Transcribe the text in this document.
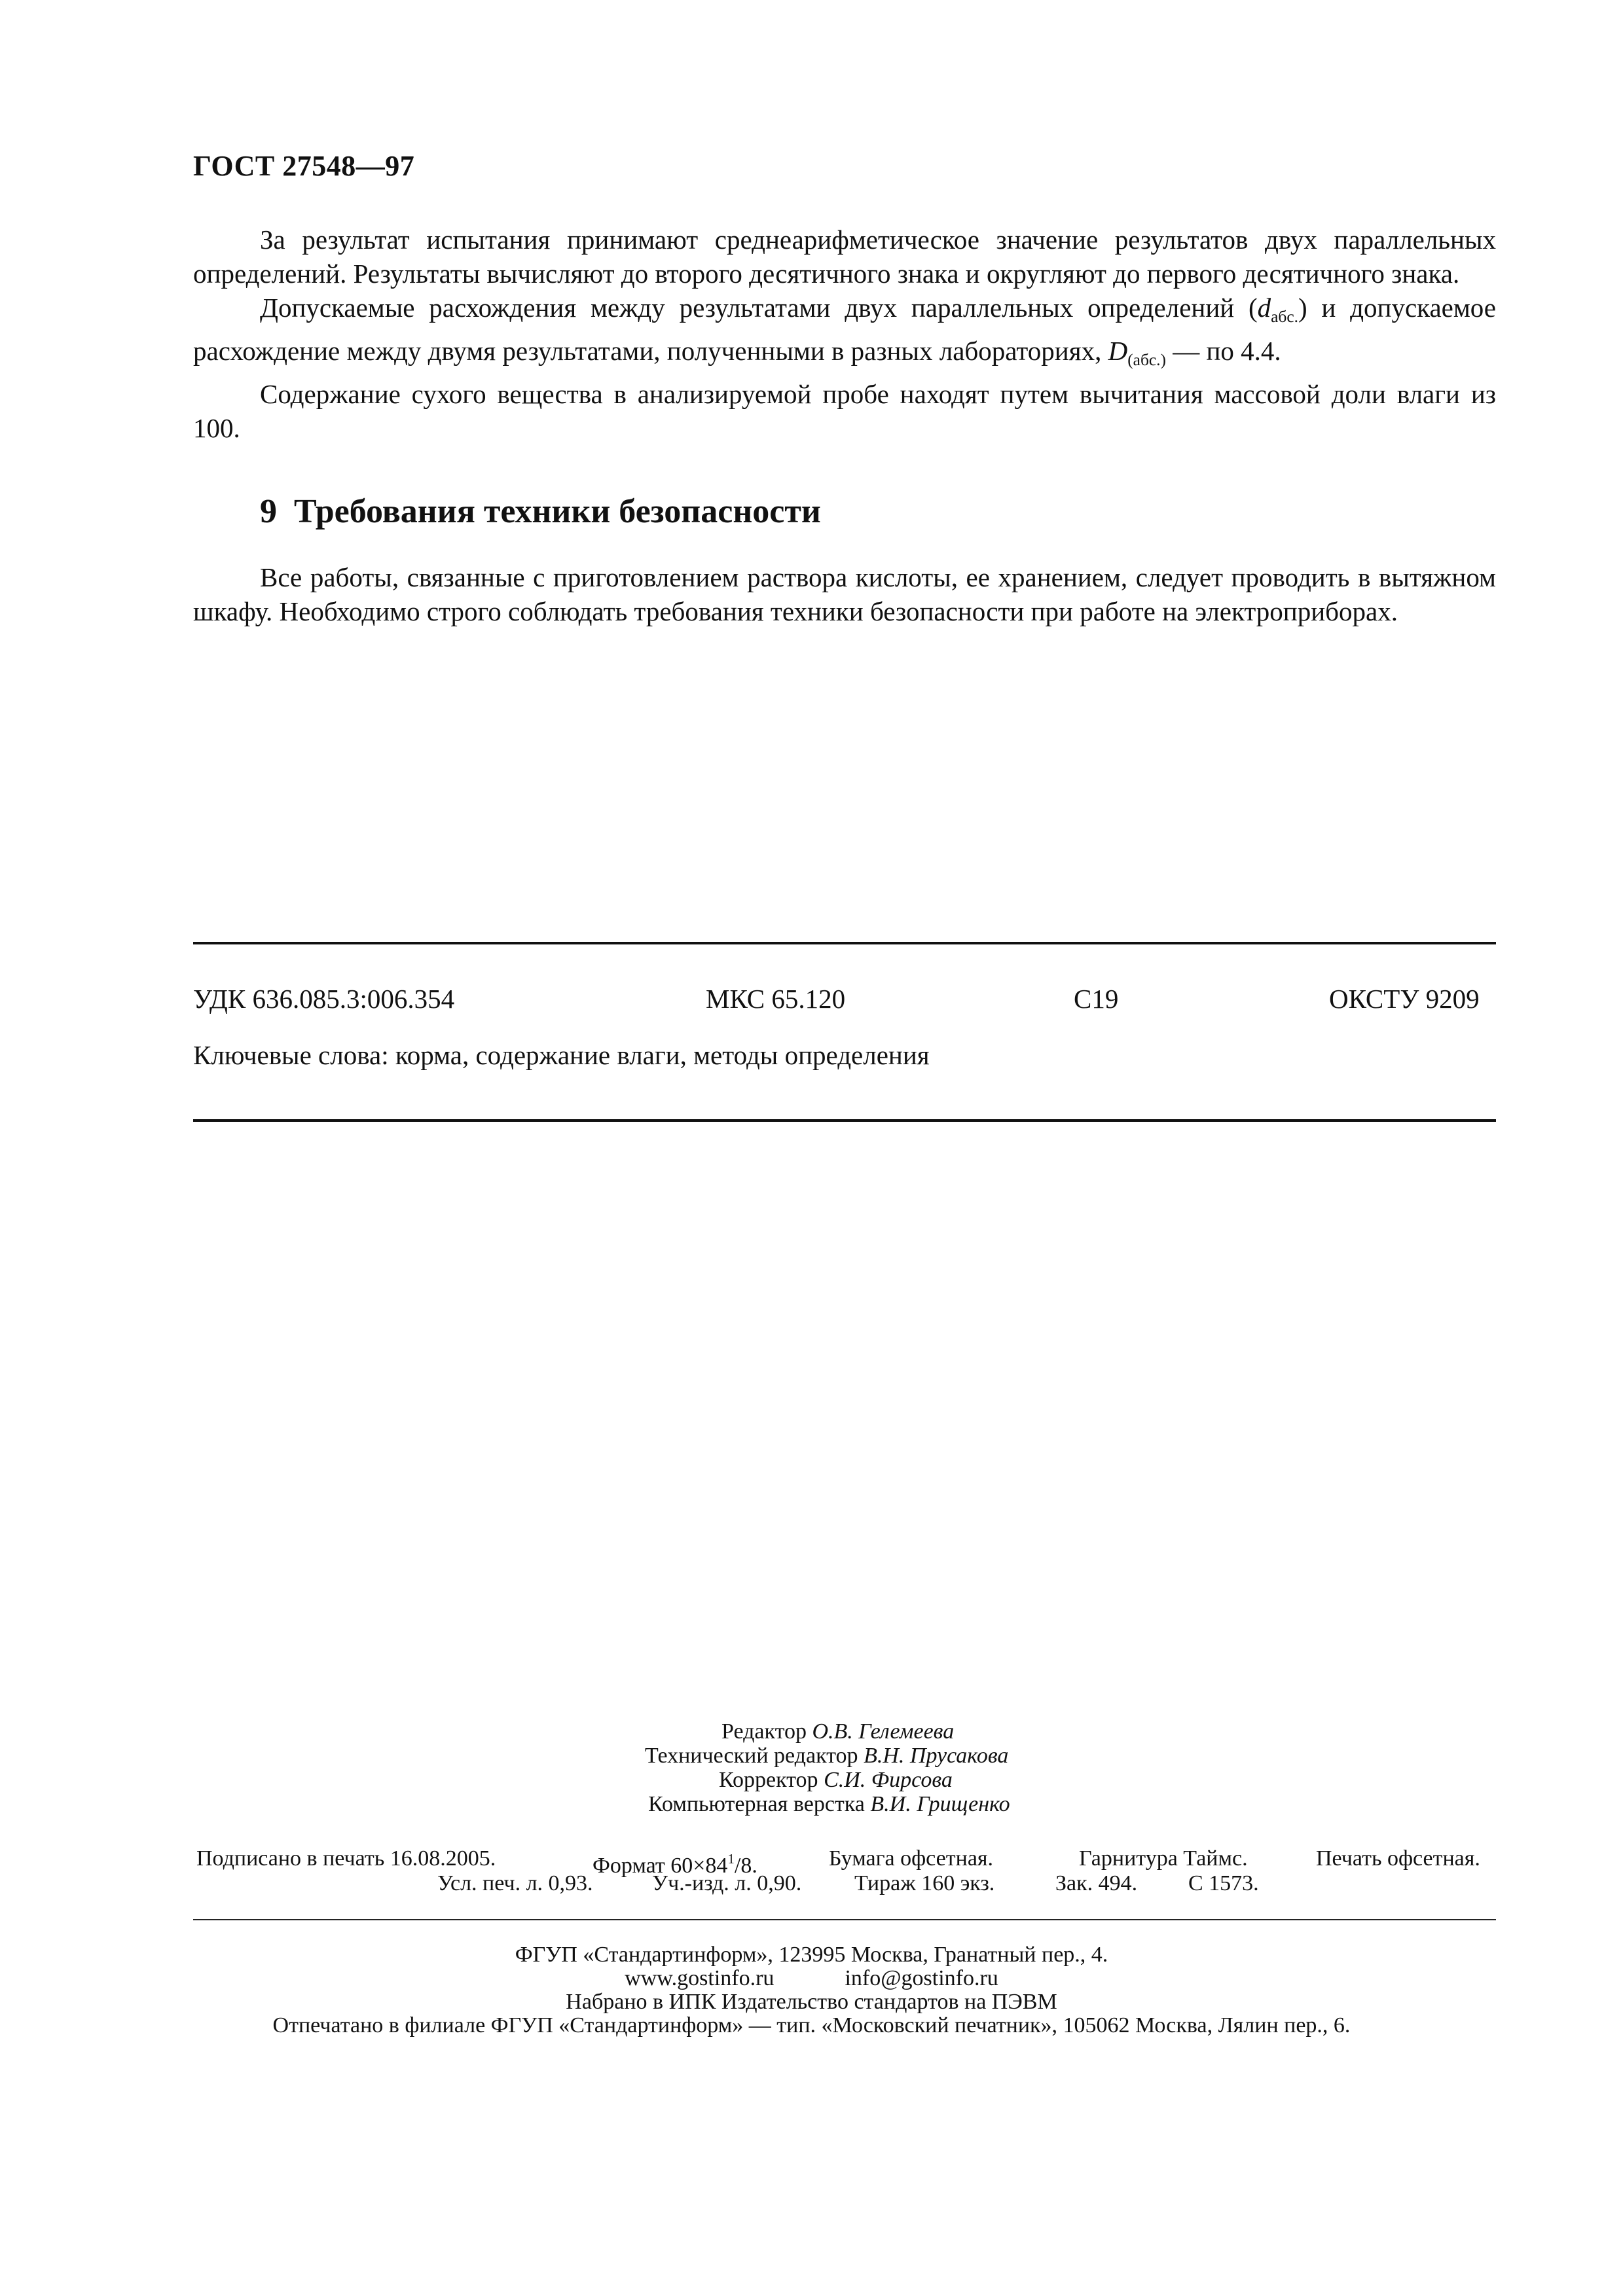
ГОСТ 27548—97

За результат испытания принимают среднеарифметическое значение результатов двух параллельных определений. Результаты вычисляют до второго десятичного знака и округляют до первого десятичного знака.

Допускаемые расхождения между результатами двух параллельных определений $(d_{абс.})$ и допускаемое расхождение между двумя результатами, полученными в разных лабораториях, $D_{(абс.)}$ — по 4.4.

Содержание сухого вещества в анализируемой пробе находят путем вычитания массовой доли влаги из 100.

9  Требования техники безопасности

Все работы, связанные с приготовлением раствора кислоты, ее хранением, следует проводить в вытяжном шкафу. Необходимо строго соблюдать требования техники безопасности при работе на электроприборах.

УДК 636.085.3:006.354	МКС 65.120	С19	ОКСТУ 9209
Ключевые слова: корма, содержание влаги, методы определения
Редактор О.В. Гелемеева
Технический редактор В.Н. Прусакова
Корректор С.И. Фирсова
Компьютерная верстка В.И. Грищенко
Подписано в печать 16.08.2005.	Формат $60\times 84^1/8$.	Бумага офсетная.	Гарнитура Таймс.	Печать офсетная.
Усл. печ. л. 0,93.	Уч.-изд. л. 0,90. Тираж 160 экз.	Зак. 494. С 1573.
ФГУП «Стандартинформ», 123995 Москва, Гранатный пер., 4.
www.gostinfo.ru	info@gostinfo.ru
Набрано в ИПК Издательство стандартов на ПЭВМ
Отпечатано в филиале ФГУП «Стандартинформ» — тип. «Московский печатник», 105062 Москва, Лялин пер., 6.
